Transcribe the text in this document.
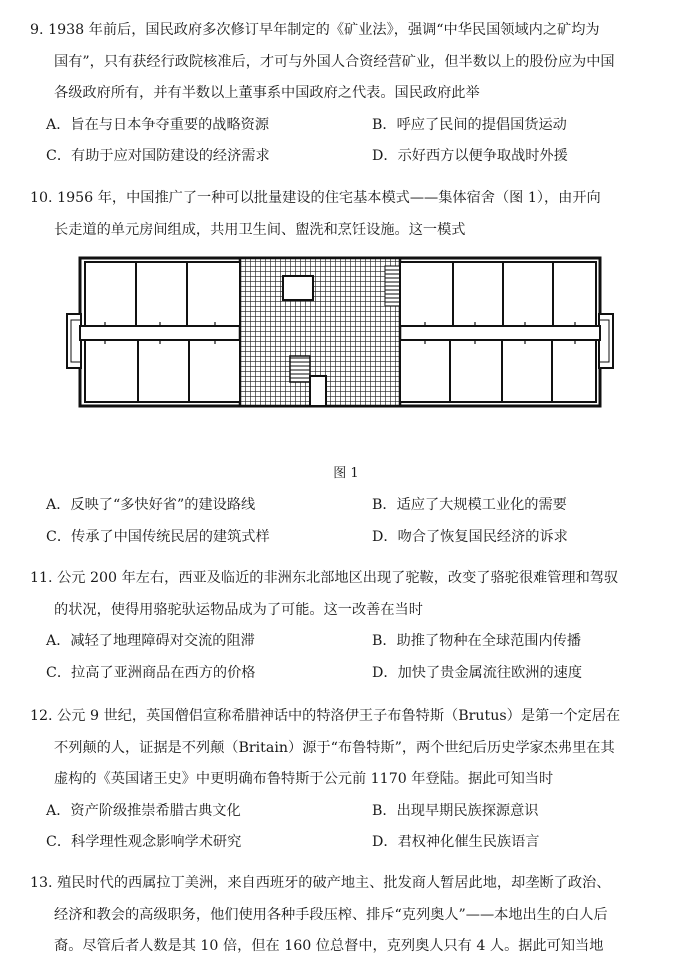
9. 1938 年前后，国民政府多次修订早年制定的《矿业法》，强调“中华民国领域内之矿均为
国有”，只有获经行政院核准后，才可与外国人合资经营矿业，但半数以上的股份应为中国
各级政府所有，并有半数以上董事系中国政府之代表。国民政府此举
A．旨在与日本争夺重要的战略资源	B．呼应了民间的提倡国货运动
C．有助于应对国防建设的经济需求	D．示好西方以便争取战时外援
10. 1956 年，中国推广了一种可以批量建设的住宅基本模式——集体宿舍（图 1），由开向
长走道的单元房间组成，共用卫生间、盥洗和烹饪设施。这一模式
图 1
A．反映了“多快好省”的建设路线	B．适应了大规模工业化的需要
C．传承了中国传统民居的建筑式样	D．吻合了恢复国民经济的诉求
11. 公元 200 年左右，西亚及临近的非洲东北部地区出现了驼鞍，改变了骆驼很难管理和驾驭
的状况，使得用骆驼驮运物品成为了可能。这一改善在当时
A．减轻了地理障碍对交流的阻滞	B．助推了物种在全球范围内传播
C．拉高了亚洲商品在西方的价格	D．加快了贵金属流往欧洲的速度
12. 公元 9 世纪，英国僧侣宣称希腊神话中的特洛伊王子布鲁特斯（Brutus）是第一个定居在
不列颠的人，证据是不列颠（Britain）源于“布鲁特斯”，两个世纪后历史学家杰弗里在其
虚构的《英国诸王史》中更明确布鲁特斯于公元前 1170 年登陆。据此可知当时
A．资产阶级推崇希腊古典文化	B．出现早期民族探源意识
C．科学理性观念影响学术研究	D．君权神化催生民族语言
13. 殖民时代的西属拉丁美洲，来自西班牙的破产地主、批发商人暂居此地，却垄断了政治、
经济和教会的高级职务，他们使用各种手段压榨、排斥“克列奥人”——本地出生的白人后
裔。尽管后者人数是其 10 倍，但在 160 位总督中，克列奥人只有 4 人。据此可知当地
